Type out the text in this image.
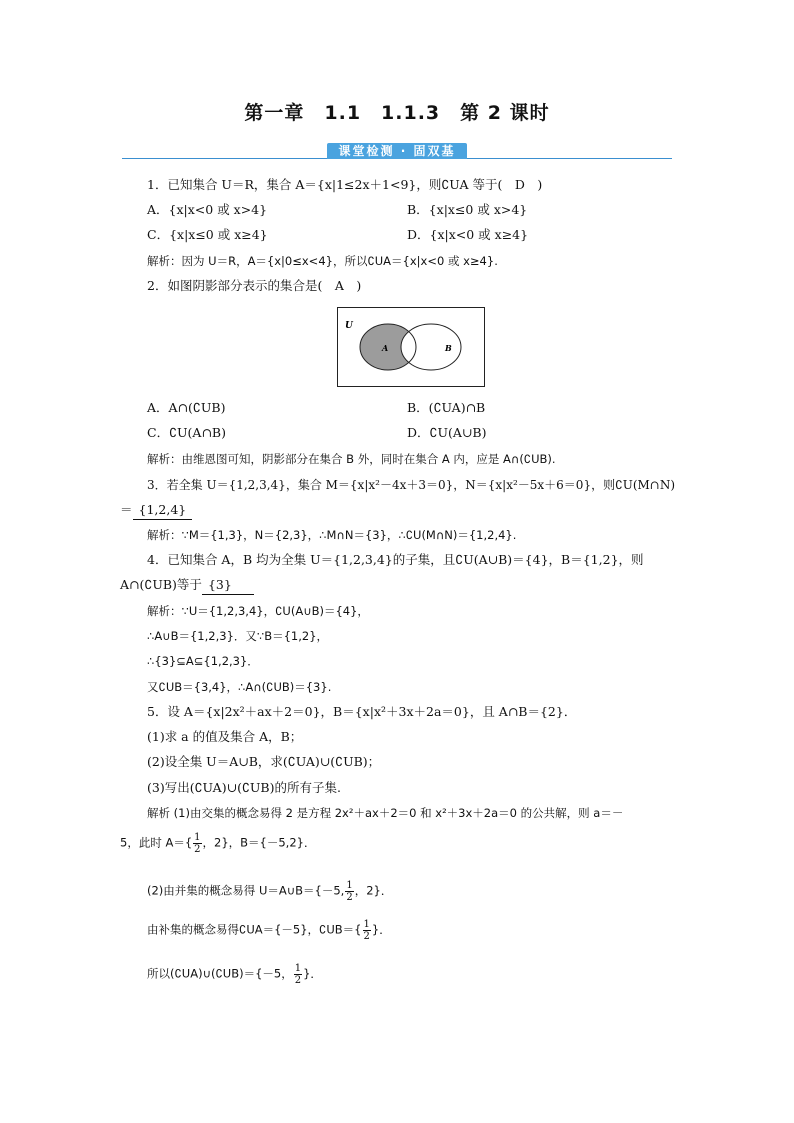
第一章　1.1　1.1.3　第 2 课时
课堂检测 · 固双基
1．已知集合 U＝R，集合 A＝{x|1≤2x＋1<9}，则∁UA 等于(　D　)
A．{x|x<0 或 x>4}	B．{x|x≤0 或 x>4}
C．{x|x≤0 或 x≥4}	D．{x|x<0 或 x≥4}
解析：因为 U＝R，A＝{x|0≤x<4}，所以∁UA＝{x|x<0 或 x≥4}.
2．如图阴影部分表示的集合是(　A　)
U
A	B
A．A∩(∁UB)	B．(∁UA)∩B
C．∁U(A∩B)	D．∁U(A∪B)
解析：由维恩图可知，阴影部分在集合 B 外，同时在集合 A 内，应是 A∩(∁UB).
3．若全集 U＝{1,2,3,4}，集合 M＝{x|x²－4x＋3＝0}，N＝{x|x²－5x＋6＝0}，则∁U(M∩N)
＝ {1,2,4}
解析：∵M＝{1,3}，N＝{2,3}，∴M∩N＝{3}，∴∁U(M∩N)＝{1,2,4}.
4．已知集合 A，B 均为全集 U＝{1,2,3,4}的子集，且∁U(A∪B)＝{4}，B＝{1,2}，则
A∩(∁UB)等于 {3}
解析：∵U＝{1,2,3,4}，∁U(A∪B)＝{4}，
∴A∪B＝{1,2,3}．又∵B＝{1,2}，
∴{3}⊆A⊆{1,2,3}．
又∁UB＝{3,4}，∴A∩(∁UB)＝{3}.
5．设 A＝{x|2x²＋ax＋2＝0}，B＝{x|x²＋3x＋2a＝0}，且 A∩B＝{2}．
(1)求 a 的值及集合 A，B；
(2)设全集 U＝A∪B，求(∁UA)∪(∁UB)；
(3)写出(∁UA)∪(∁UB)的所有子集.
解析 (1)由交集的概念易得 2 是方程 2x²＋ax＋2＝0 和 x²＋3x＋2a＝0 的公共解，则 a＝－
5，此时 $A=\{ \frac{1}{2}$ ，2}，B＝{－5,2}．
(2)由并集的概念易得 U＝A∪B＝{－5, $\frac{1}{2}$ ，2}．
由补集的概念易得∁UA＝{－5}，∁UB＝{ $\frac{1}{2}$ }．
所以(∁UA)∪(∁UB)＝{－5， $\frac{1}{2}$ }．
